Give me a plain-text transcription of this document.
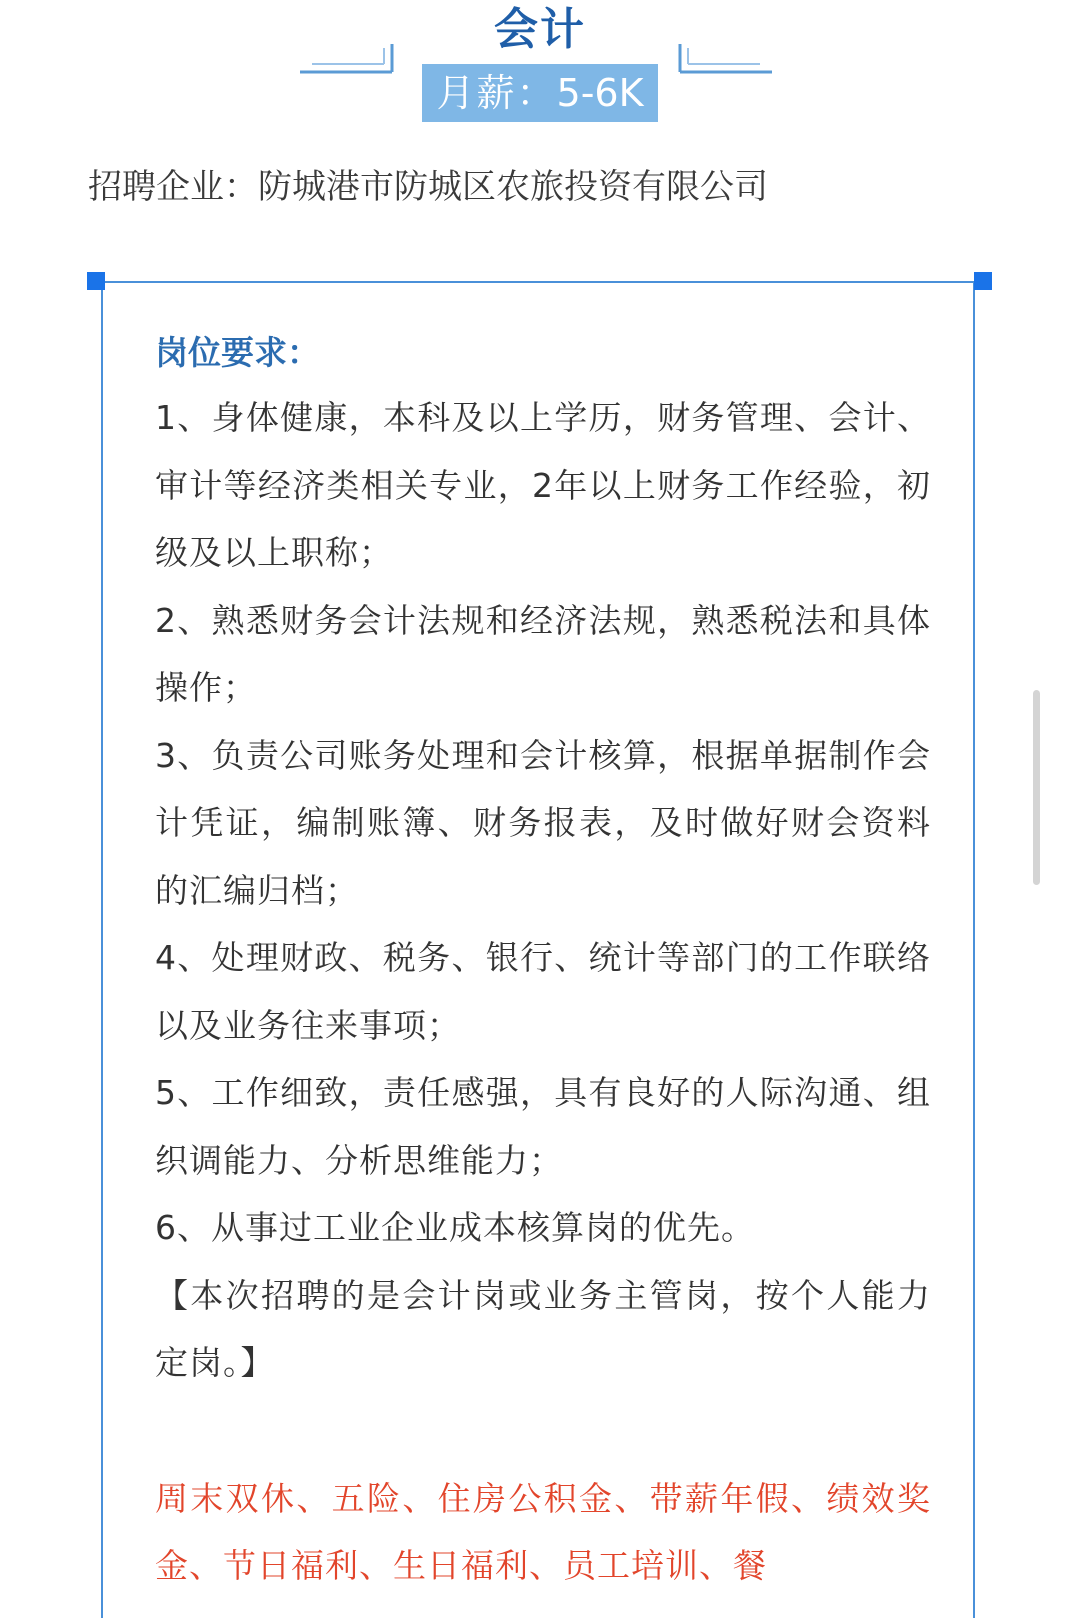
会计
月薪：5-6K
招聘企业：防城港市防城区农旅投资有限公司

岗位要求：

1、身体健康，本科及以上学历，财务管理、会计、审计等经济类相关专业，2年以上财务工作经验，初级及以上职称；

2、熟悉财务会计法规和经济法规，熟悉税法和具体操作；

3、负责公司账务处理和会计核算，根据单据制作会计凭证，编制账簿、财务报表，及时做好财会资料的汇编归档；

4、处理财政、税务、银行、统计等部门的工作联络以及业务往来事项；

5、工作细致，责任感强，具有良好的人际沟通、组织调能力、分析思维能力；

6、从事过工业企业成本核算岗的优先。

【本次招聘的是会计岗或业务主管岗，按个人能力定岗。】

周末双休、五险、住房公积金、带薪年假、绩效奖金、节日福利、生日福利、员工培训、餐
